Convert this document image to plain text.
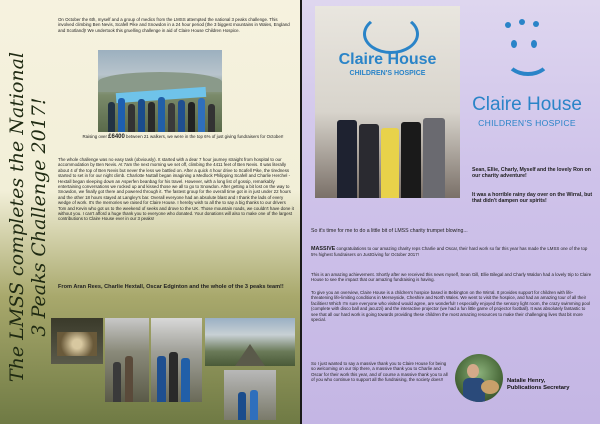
The LMSS completes the National 3 Peaks Challenge 2017!
On October the 6th, myself and a group of medics from the LMSS attempted the national 3 peaks challenge. This involved climbing Ben Nevis, Scafell Pike and Snowdon in a 24 hour period (the 3 biggest mountains in Wales, England and Scotland)! We undertook this gruelling challenge in aid of Claire House Children Hospice.
Raising over £6400 between 21 walkers, we were in the top 6% of just giving fundraisers for October!
The whole challenge was no easy task (obviously). It started with a dear 7 hour journey straight from hospital to our accommodation by Ben Nevis. At 7am the next morning we set off, climbing the 4411 feet of Ben Nevis. It was literally about 4 of the top of Ben Nevis but never the less we battled on. After a quick 4 hour drive to Scafell Pike, the tiredness started to set in for our night climb. Charlotte Nuttall began imagining a Medlock Philipping Scafell and Charlie Herchel - Hextall began sleeping down an Asperfen beanbag for his travel. However, with a long list of gossip, remarkably entertaining conversations we rocked up and kissed those we all to go to Snowdon. After getting a bit lost on the way to Snowdon, we finally got there and powered through it. The fastest group for the overall time got in in just under 22 hours and the other 18 hours stayed at Langley's bar. Overall everyone had an absolute blast and I thank the lads of every wedge of work. It's the memories we raised for Claire House. I hereby wish to all the to say a big thanks to our drivers Tom and Kevin who got us to the weekend of seeks and drove to the UK. Those mountain roads, we couldn't have done it without you. I can't afford a huge thank you to everyone who donated. Your donations will also to make one of the largest contributions to Claire House ever in our 3 peaks!
From Aran Rees, Charlie Hextall, Oscar Edginton and the whole of the 3 peaks team!!
Claire House
CHILDREN'S HOSPICE
Claire House
CHILDREN'S HOSPICE
Sean, Ellie, Charly, Myself and the lovely Ron on our charity adventure!
It was a horrible rainy day over on the Wirral, but that didn't dampen our spirits!
So it's time for me to do a little bit of LMSS charity trumpet blowing...
MASSIVE congratulations to our amazing charity reps Charlie and Oscar, their hard work so far this year has made the LMSS one of the top 5% highest fundraisers on JustGiving for October 2017!
This is an amazing achievement. Shortly after we received this news myself, Sean Gill, Ellie Bilegal and Charly Waldon had a lovely trip to Claire House to see the impact that our amazing fundraising is having.
To give you an overview, Claire House is a children's hospice based in Bebington on the Wirral. It provides support for children with life-threatening life-limiting conditions in Merseyside, Cheshire and North Wales. We went to visit the hospice, and had an amazing tour of all their facilities! Which I'm sure everyone who visited would agree, are wonderful! I especially enjoyed the sensory light room, the crazy swimming pool (complete with disco ball and jacuzzi) and the interactive projector (we had a fun little game of projector football). It was absolutely fantastic to see that all our hard work is going towards providing these children the most amazing resources to make their challenging lives that bit more special.
So I just wanted to say a massive thank you to Claire House for being so welcoming on our trip there, a massive thank you to Charlie and Oscar for their work this year, and of course a massive thank you to all of you who continue to support all the fundraising, the society does!!	Natalie Henry,
Publications Secretary
